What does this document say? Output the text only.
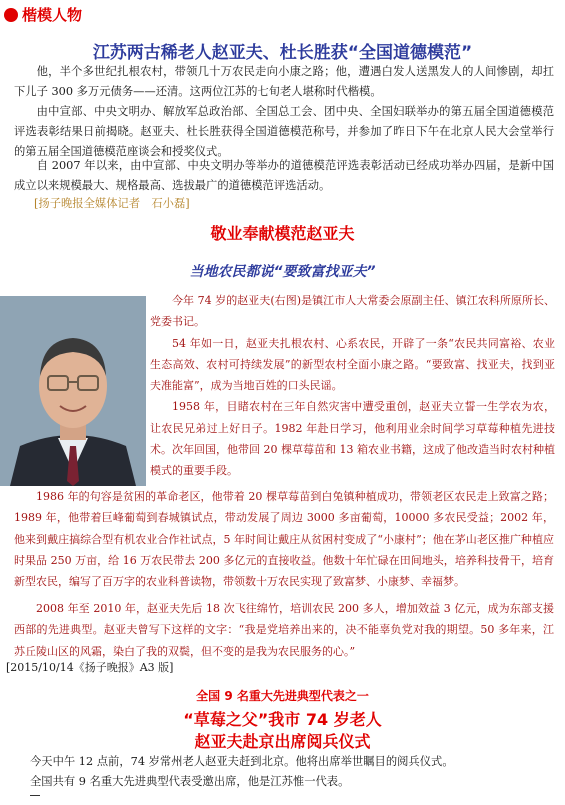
楷模人物
江苏两古稀老人赵亚夫、杜长胜获“全国道德模范”

他，半个多世纪扎根农村，带领几十万农民走向小康之路；他，遭遇白发人送黑发人的人间惨剧，却扛下儿子 300 多万元债务——还清。这两位江苏的七旬老人堪称时代楷模。

由中宣部、中央文明办、解放军总政治部、全国总工会、团中央、全国妇联举办的第五届全国道德模范评选表彰结果日前揭晓。赵亚夫、杜长胜获得全国道德模范称号，并参加了昨日下午在北京人民大会堂举行的第五届全国道德模范座谈会和授奖仪式。

自 2007 年以来，由中宣部、中央文明办等举办的道德模范评选表彰活动已经成功举办四届，是新中国成立以来规模最大、规格最高、选拔最广的道德模范评选活动。

[扬子晚报全媒体记者　石小磊]
敬业奉献模范赵亚夫
当地农民都说“要致富找亚夫”

今年 74 岁的赵亚夫(右图)是镇江市人大常委会原副主任、镇江农科所原所长、党委书记。

54 年如一日，赵亚夫扎根农村、心系农民，开辟了一条“农民共同富裕、农业生态高效、农村可持续发展”的新型农村全面小康之路。“要致富、找亚夫，找到亚夫准能富”，成为当地百姓的口头民谣。

1958 年，目睹农村在三年自然灾害中遭受重创，赵亚夫立誓一生学农为农，让农民兄弟过上好日子。1982 年赴日学习，他利用业余时间学习草莓种植先进技术。次年回国，他带回 20 棵草莓苗和 13 箱农业书籍，这成了他改造当时农村种植模式的重要手段。

1986 年的句容是贫困的革命老区，他带着 20 棵草莓苗到白兔镇种植成功，带领老区农民走上致富之路；1989 年，他带着巨峰葡萄到春城镇试点，带动发展了周边 3000 多亩葡萄，10000 多农民受益；2002 年，他来到戴庄搞综合型有机农业合作社试点，5 年时间让戴庄从贫困村变成了“小康村”；他在茅山老区推广种植应时果品 250 万亩，给 16 万农民带去 200 多亿元的直接收益。他数十年忙碌在田间地头，培养科技骨干，培育新型农民，编写了百万字的农业科普读物，带领数十万农民实现了致富梦、小康梦、幸福梦。

2008 年至 2010 年，赵亚夫先后 18 次飞往绵竹，培训农民 200 多人，增加效益 3 亿元，成为东部支援西部的先进典型。赵亚夫曾写下这样的文字：“我是党培养出来的，决不能辜负党对我的期望。50 多年来，江苏丘陵山区的风霜，染白了我的双鬓，但不变的是我为农民服务的心。”

[2015/10/14《扬子晚报》A3 版]
全国 9 名重大先进典型代表之一
“草莓之父”我市 74 岁老人
赵亚夫赴京出席阅兵仪式

今天中午 12 点前，74 岁常州老人赵亚夫赶到北京。他将出席举世瞩目的阅兵仪式。

全国共有 9 名重大先进典型代表受邀出席，他是江苏惟一代表。
